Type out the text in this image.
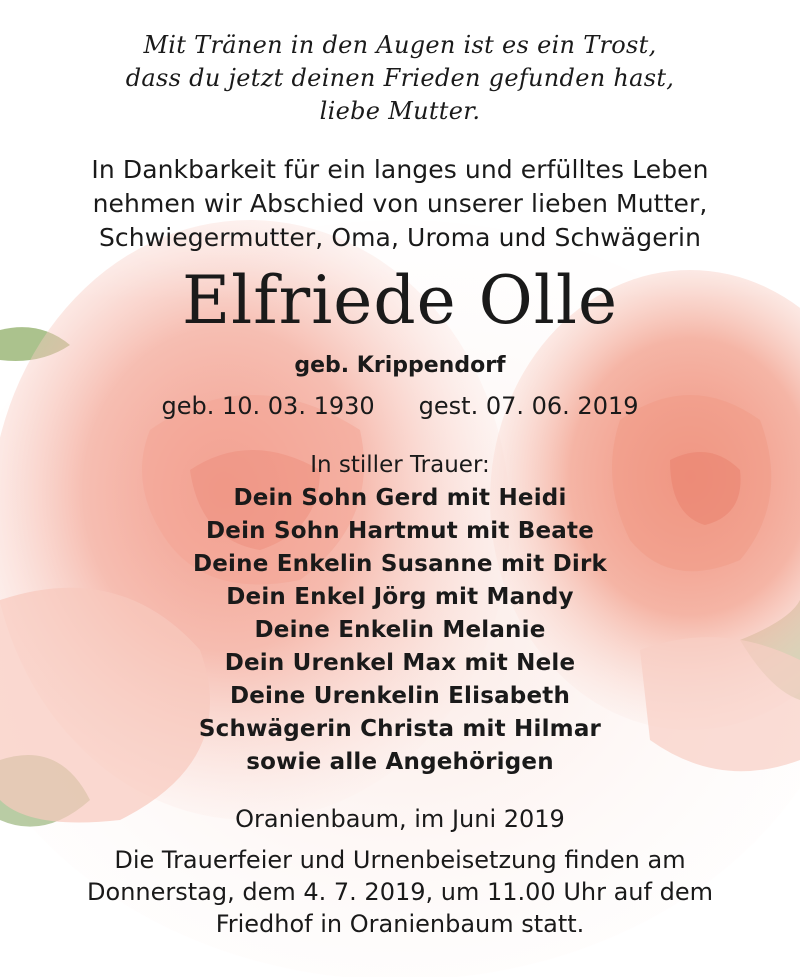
Mit Tränen in den Augen ist es ein Trost,
dass du jetzt deinen Frieden gefunden hast,
liebe Mutter.
In Dankbarkeit für ein langes und erfülltes Leben
nehmen wir Abschied von unserer lieben Mutter,
Schwiegermutter, Oma, Uroma und Schwägerin
Elfriede Olle
geb. Krippendorf
geb. 10. 03. 1930 gest. 07. 06. 2019
In stiller Trauer:
Dein Sohn Gerd mit Heidi
Dein Sohn Hartmut mit Beate
Deine Enkelin Susanne mit Dirk
Dein Enkel Jörg mit Mandy
Deine Enkelin Melanie
Dein Urenkel Max mit Nele
Deine Urenkelin Elisabeth
Schwägerin Christa mit Hilmar
sowie alle Angehörigen
Oranienbaum, im Juni 2019
Die Trauerfeier und Urnenbeisetzung finden am
Donnerstag, dem 4. 7. 2019, um 11.00 Uhr auf dem
Friedhof in Oranienbaum statt.
